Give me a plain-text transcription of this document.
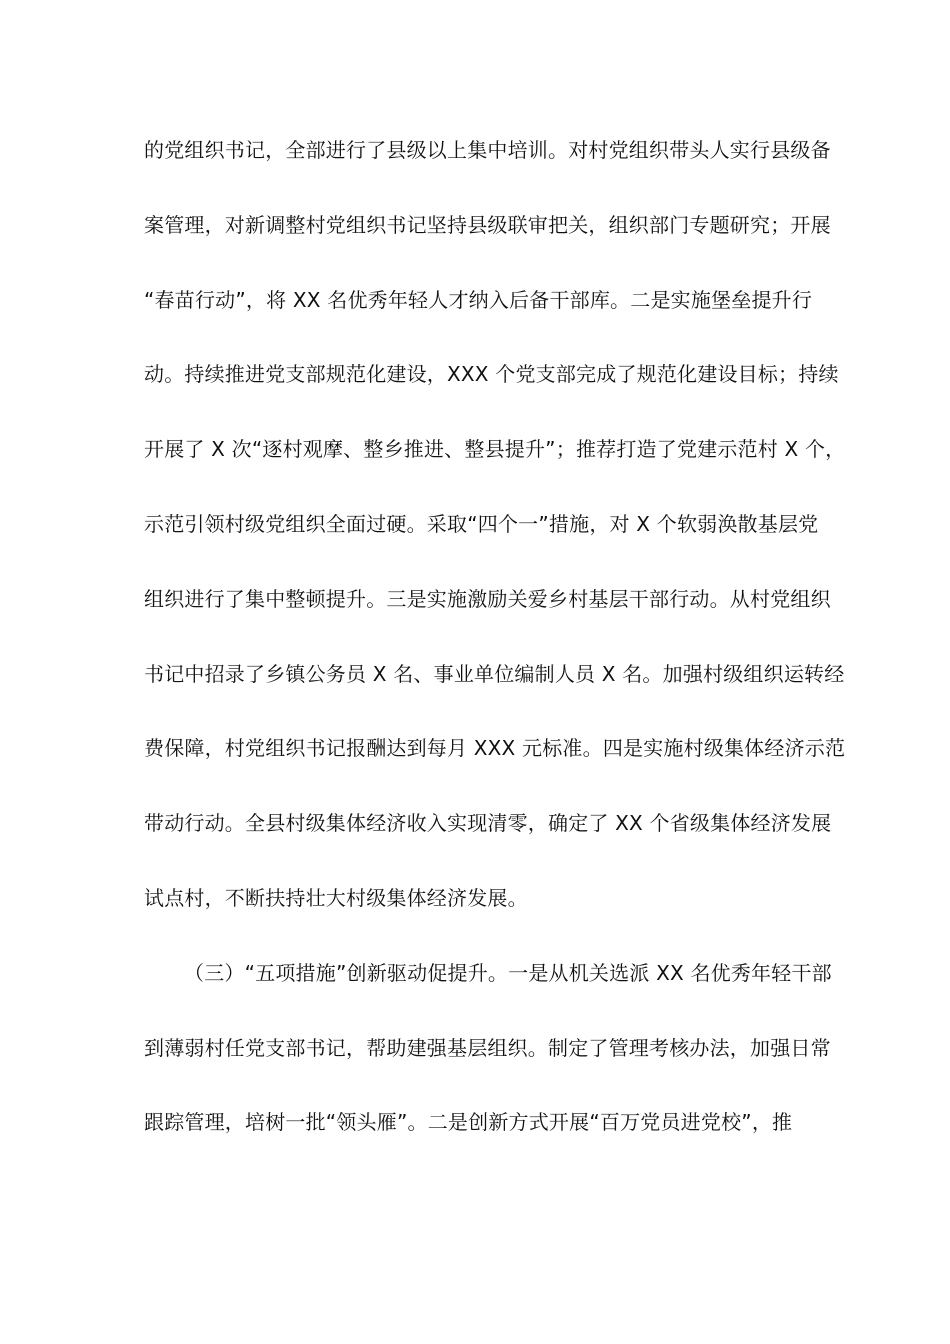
的党组织书记，全部进行了县级以上集中培训。对村党组织带头人实行县级备
案管理，对新调整村党组织书记坚持县级联审把关，组织部门专题研究；开展
“春苗行动”，将 XX 名优秀年轻人才纳入后备干部库。二是实施堡垒提升行
动。持续推进党支部规范化建设，XXX 个党支部完成了规范化建设目标；持续
开展了 X 次“逐村观摩、整乡推进、整县提升”；推荐打造了党建示范村 X 个，
示范引领村级党组织全面过硬。采取“四个一”措施，对 X 个软弱涣散基层党
组织进行了集中整顿提升。三是实施激励关爱乡村基层干部行动。从村党组织
书记中招录了乡镇公务员 X 名、事业单位编制人员 X 名。加强村级组织运转经
费保障，村党组织书记报酬达到每月 XXX 元标准。四是实施村级集体经济示范
带动行动。全县村级集体经济收入实现清零，确定了 XX 个省级集体经济发展
试点村，不断扶持壮大村级集体经济发展。
（三）“五项措施”创新驱动促提升。一是从机关选派 XX 名优秀年轻干部
到薄弱村任党支部书记，帮助建强基层组织。制定了管理考核办法，加强日常
跟踪管理，培树一批“领头雁”。二是创新方式开展“百万党员进党校”，推
